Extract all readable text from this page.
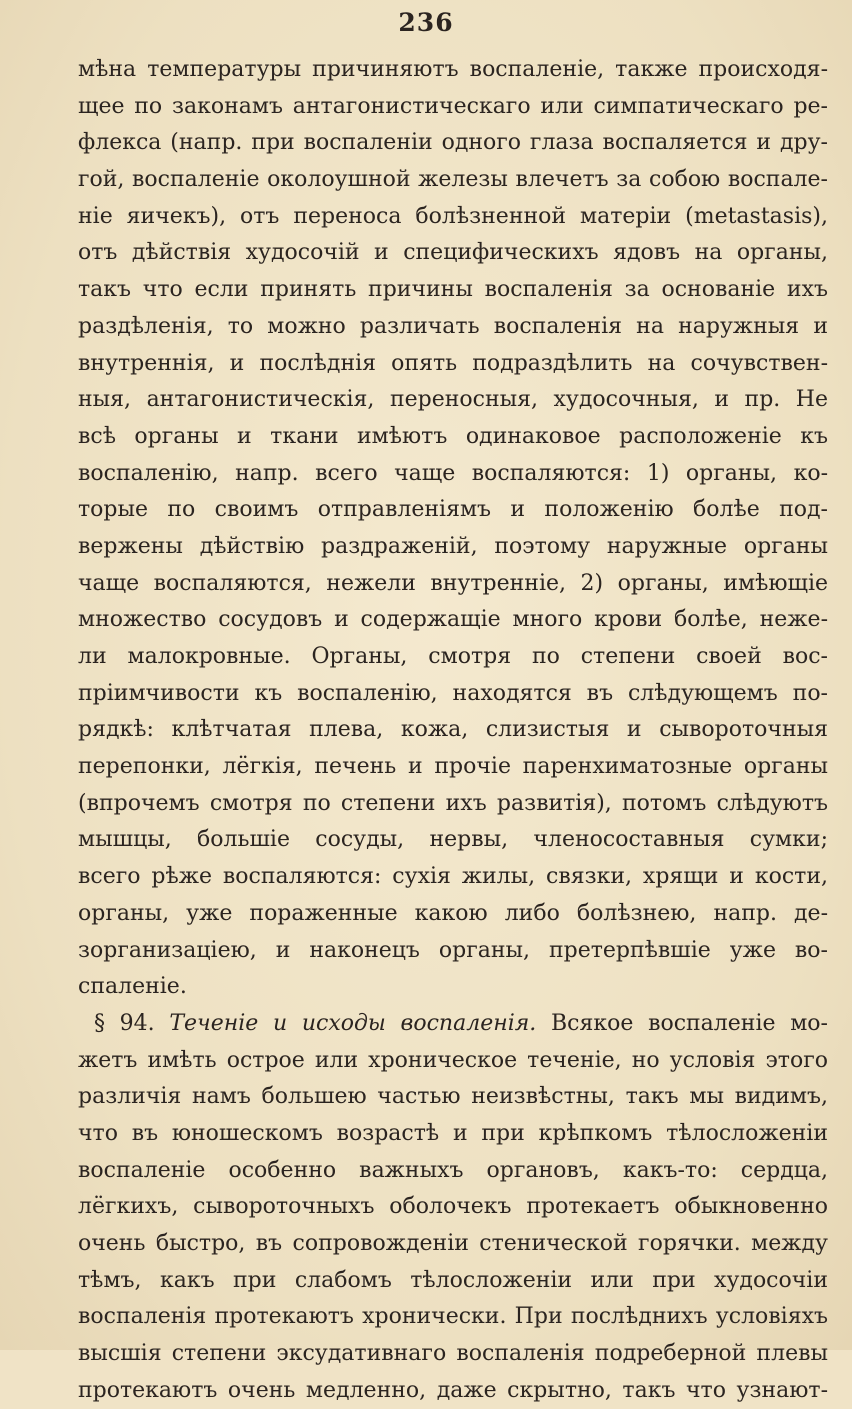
236
мѣна температуры причиняютъ воспаленіе, также происходя-
щее по законамъ антагонистическаго или симпатическаго ре-
флекса (напр. при воспаленіи одного глаза воспаляется и дру-
гой, воспаленіе околоушной железы влечетъ за собою воспале-
ніе яичекъ), отъ переноса болѣзненной матеріи (metastasis),
отъ дѣйствія худосочій и специфическихъ ядовъ на органы,
такъ что если принять причины воспаленія за основаніе ихъ
раздѣленія, то можно различать воспаленія на наружныя и
внутреннія, и послѣднія опять подраздѣлить на сочувствен-
ныя, антагонистическія, переносныя, худосочныя, и пр. Не
всѣ органы и ткани имѣютъ одинаковое расположеніе къ
воспаленію, напр. всего чаще воспаляются: 1) органы, ко-
торые по своимъ отправленіямъ и положенію болѣе под-
вержены дѣйствію раздраженій, поэтому наружные органы
чаще воспаляются, нежели внутренніе, 2) органы, имѣющіе
множество сосудовъ и содержащіе много крови болѣе, неже-
ли малокровные. Органы, смотря по степени своей вос-
пріимчивости къ воспаленію, находятся въ слѣдующемъ по-
рядкѣ: клѣтчатая плева, кожа, слизистыя и сывороточныя
перепонки, лёгкія, печень и прочіе паренхиматозные органы
(впрочемъ смотря по степени ихъ развитія), потомъ слѣдуютъ
мышцы, большіе сосуды, нервы, членосоставныя сумки;
всего рѣже воспаляются: сухія жилы, связки, хрящи и кости,
органы, уже пораженные какою либо болѣзнею, напр. де-
зорганизаціею, и наконецъ органы, претерпѣвшіе уже во-
спаленіе.
§ 94. Теченіе и исходы воспаленія. Всякое воспаленіе мо-
жетъ имѣть острое или хроническое теченіе, но условія этого
различія намъ большею частью неизвѣстны, такъ мы видимъ,
что въ юношескомъ возрастѣ и при крѣпкомъ тѣлосложеніи
воспаленіе особенно важныхъ органовъ, какъ-то: сердца,
лёгкихъ, сывороточныхъ оболочекъ протекаетъ обыкновенно
очень быстро, въ сопровожденіи стенической горячки. между
тѣмъ, какъ при слабомъ тѣлосложеніи или при худосочіи
воспаленія протекаютъ хронически. При послѣднихъ условіяхъ
высшія степени эксудативнаго воспаленія подреберной плевы
протекаютъ очень медленно, даже скрытно, такъ что узнают-
